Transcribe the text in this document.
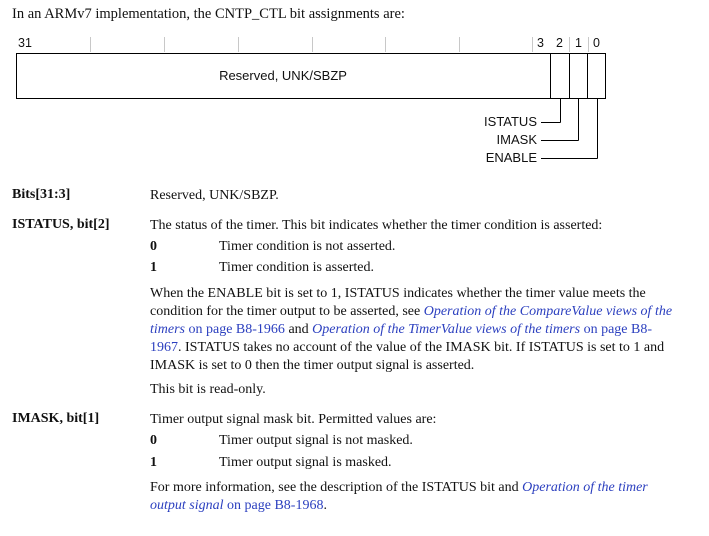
In an ARMv7 implementation, the CNTP_CTL bit assignments are:
31	3 2 1 0
Reserved, UNK/SBZP
ISTATUS
IMASK
ENABLE
Bits[31:3]	Reserved, UNK/SBZP.
ISTATUS, bit[2]	The status of the timer. This bit indicates whether the timer condition is asserted:
0	Timer condition is not asserted.
1	Timer condition is asserted.
When the ENABLE bit is set to 1, ISTATUS indicates whether the timer value meets the condition for the timer output to be asserted, see Operation of the CompareValue views of the timers on page B8-1966 and Operation of the TimerValue views of the timers on page B8-1967. ISTATUS takes no account of the value of the IMASK bit. If ISTATUS is set to 1 and IMASK is set to 0 then the timer output signal is asserted.
This bit is read-only.
IMASK, bit[1]	Timer output signal mask bit. Permitted values are:
0	Timer output signal is not masked.
1	Timer output signal is masked.
For more information, see the description of the ISTATUS bit and Operation of the timer output signal on page B8-1968.
